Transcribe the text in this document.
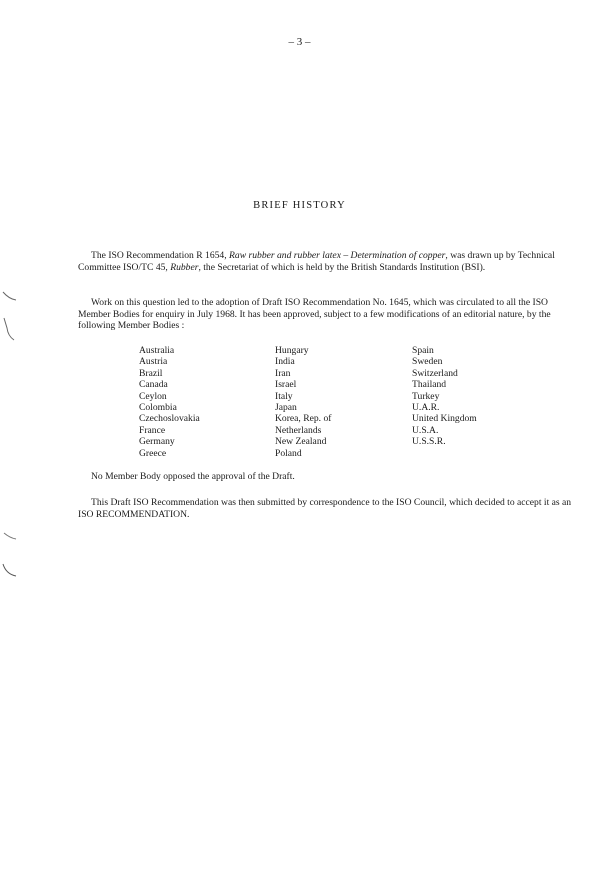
– 3 –
BRIEF HISTORY

The ISO Recommendation R 1654, Raw rubber and rubber latex – Determination of copper, was drawn up by Technical Committee ISO/TC 45, Rubber, the Secretariat of which is held by the British Standards Institution (BSI).

Work on this question led to the adoption of Draft ISO Recommendation No. 1645, which was circulated to all the ISO Member Bodies for enquiry in July 1968. It has been approved, subject to a few modifications of an editorial nature, by the following Member Bodies :

Australia
Austria
Brazil
Canada
Ceylon
Colombia
Czechoslovakia
France
Germany
Greece
Hungary
India
Iran
Israel
Italy
Japan
Korea, Rep. of
Netherlands
New Zealand
Poland
Spain
Sweden
Switzerland
Thailand
Turkey
U.A.R.
United Kingdom
U.S.A.
U.S.S.R.

No Member Body opposed the approval of the Draft.

This Draft ISO Recommendation was then submitted by correspondence to the ISO Council, which decided to accept it as an ISO RECOMMENDATION.
